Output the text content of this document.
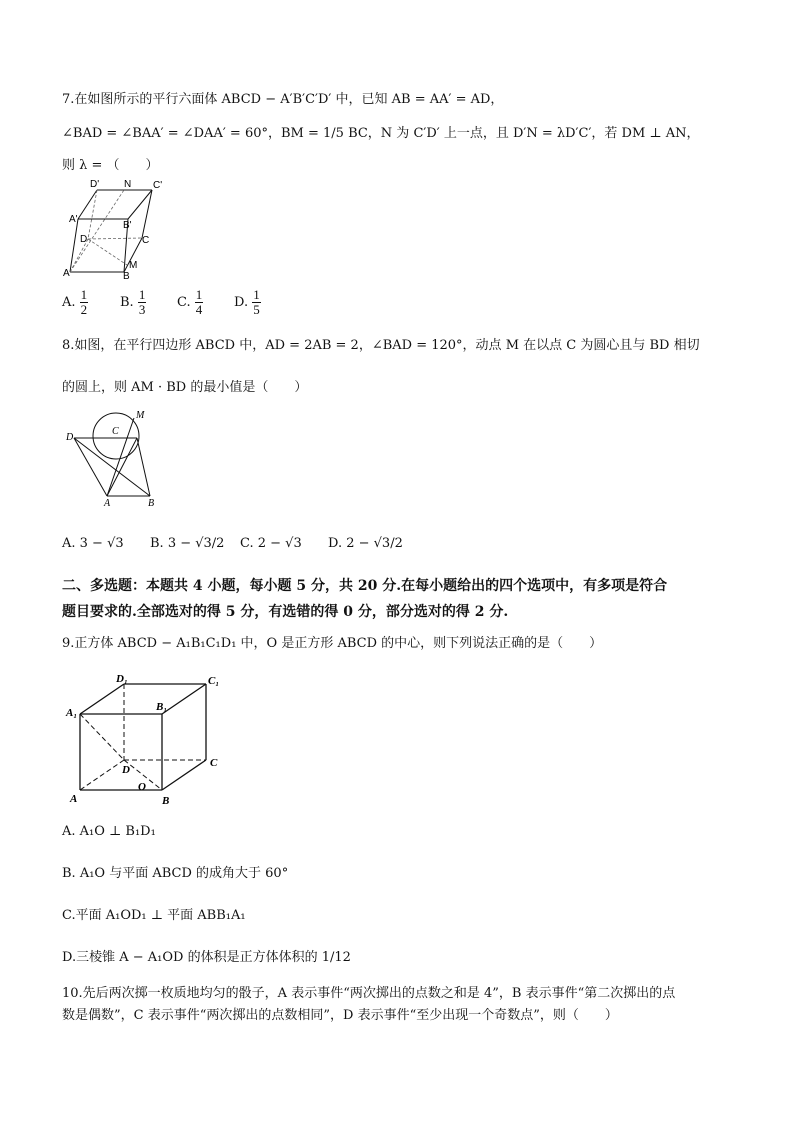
7.在如图所示的平行六面体 ABCD − A′B′C′D′ 中，已知 AB = AA′ = AD，
∠BAD = ∠BAA′ = ∠DAA′ = 60°，BM = 1/5 BC，N 为 C′D′ 上一点，且 D′N = λD′C′，若 DM ⊥ AN，
则 λ = （　　）
D' N C'
A'
B'
D	C
A	B
M
A. $\frac{1}{2} B$. $\frac{1}{3} C$. $\frac{1}{4} D$. $\frac{1}{5}$
8.如图，在平行四边形 ABCD 中，AD = 2AB = 2，∠BAD = 120°，动点 M 在以点 C 为圆心且与 BD 相切
的圆上，则 AM · BD 的最小值是（　　）
D
C
M
A	B
A. 3 − √3 B. 3 − √3/2 C. 2 − √3 D. 2 − √3/2
二、多选题：本题共 4 小题，每小题 5 分，共 20 分.在每小题给出的四个选项中，有多项是符合
题目要求的.全部选对的得 5 分，有选错的得 0 分，部分选对的得 2 分.
9.正方体 ABCD − A₁B₁C₁D₁ 中，O 是正方形 ABCD 的中心，则下列说法正确的是（　　）
D₁	C₁
A₁	B₁
D
C
A
O
B
A. A₁O ⊥ B₁D₁
B. A₁O 与平面 ABCD 的成角大于 60°
C.平面 A₁OD₁ ⊥ 平面 ABB₁A₁
D.三棱锥 A − A₁OD 的体积是正方体体积的 1/12
10.先后两次掷一枚质地均匀的骰子，A 表示事件“两次掷出的点数之和是 4”，B 表示事件“第二次掷出的点
数是偶数”，C 表示事件“两次掷出的点数相同”，D 表示事件“至少出现一个奇数点”，则（　　）
